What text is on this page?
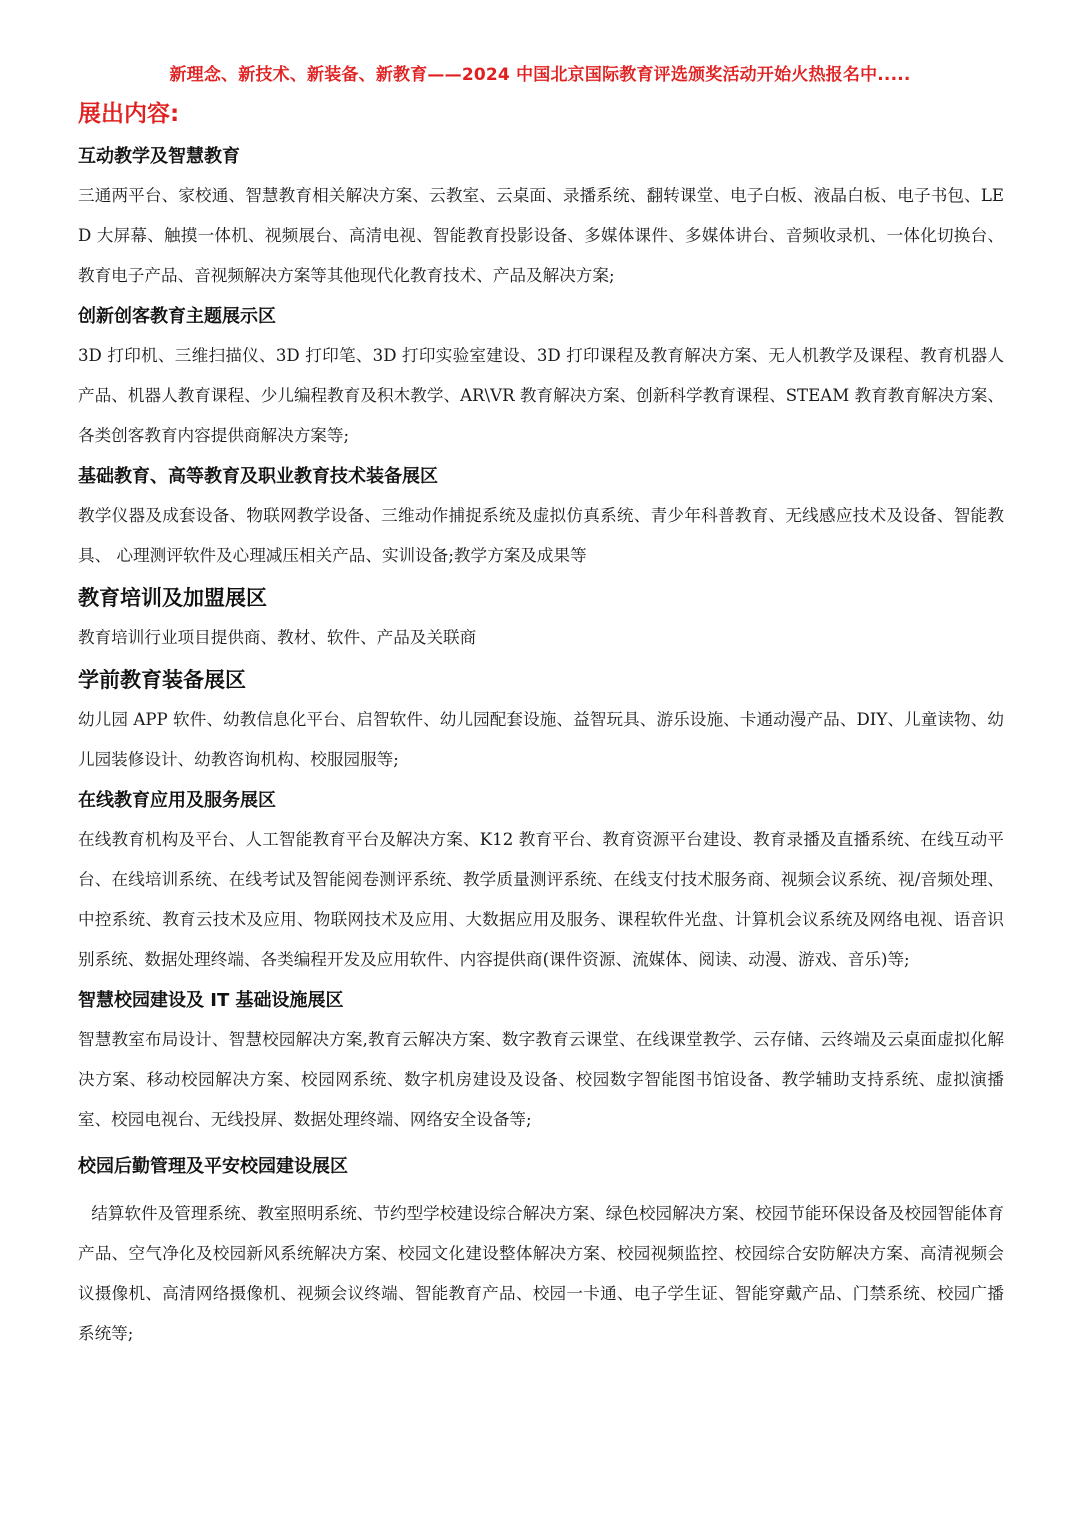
新理念、新技术、新装备、新教育——2024 中国北京国际教育评选颁奖活动开始火热报名中.....
展出内容:
互动教学及智慧教育
三通两平台、家校通、智慧教育相关解决方案、云教室、云桌面、录播系统、翻转课堂、电子白板、液晶白板、电子书包、LED 大屏幕、触摸一体机、视频展台、高清电视、智能教育投影设备、多媒体课件、多媒体讲台、音频收录机、一体化切换台、教育电子产品、音视频解决方案等其他现代化教育技术、产品及解决方案;
创新创客教育主题展示区
3D 打印机、三维扫描仪、3D 打印笔、3D 打印实验室建设、3D 打印课程及教育解决方案、无人机教学及课程、教育机器人产品、机器人教育课程、少儿编程教育及积木教学、AR\VR 教育解决方案、创新科学教育课程、STEAM 教育教育解决方案、各类创客教育内容提供商解决方案等;
基础教育、高等教育及职业教育技术装备展区
教学仪器及成套设备、物联网教学设备、三维动作捕捉系统及虚拟仿真系统、青少年科普教育、无线感应技术及设备、智能教具、 心理测评软件及心理减压相关产品、实训设备;教学方案及成果等
教育培训及加盟展区
教育培训行业项目提供商、教材、软件、产品及关联商
学前教育装备展区
幼儿园 APP 软件、幼教信息化平台、启智软件、幼儿园配套设施、益智玩具、游乐设施、卡通动漫产品、DIY、儿童读物、幼儿园装修设计、幼教咨询机构、校服园服等;
在线教育应用及服务展区
在线教育机构及平台、人工智能教育平台及解决方案、K12 教育平台、教育资源平台建设、教育录播及直播系统、在线互动平台、在线培训系统、在线考试及智能阅卷测评系统、教学质量测评系统、在线支付技术服务商、视频会议系统、视/音频处理、中控系统、教育云技术及应用、物联网技术及应用、大数据应用及服务、课程软件光盘、计算机会议系统及网络电视、语音识别系统、数据处理终端、各类编程开发及应用软件、内容提供商(课件资源、流媒体、阅读、动漫、游戏、音乐)等;
智慧校园建设及 IT 基础设施展区
智慧教室布局设计、智慧校园解决方案,教育云解决方案、数字教育云课堂、在线课堂教学、云存储、云终端及云桌面虚拟化解决方案、移动校园解决方案、校园网系统、数字机房建设及设备、校园数字智能图书馆设备、教学辅助支持系统、虚拟演播室、校园电视台、无线投屏、数据处理终端、网络安全设备等;
校园后勤管理及平安校园建设展区
结算软件及管理系统、教室照明系统、节约型学校建设综合解决方案、绿色校园解决方案、校园节能环保设备及校园智能体育产品、空气净化及校园新风系统解决方案、校园文化建设整体解决方案、校园视频监控、校园综合安防解决方案、高清视频会议摄像机、高清网络摄像机、视频会议终端、智能教育产品、校园一卡通、电子学生证、智能穿戴产品、门禁系统、校园广播系统等;
